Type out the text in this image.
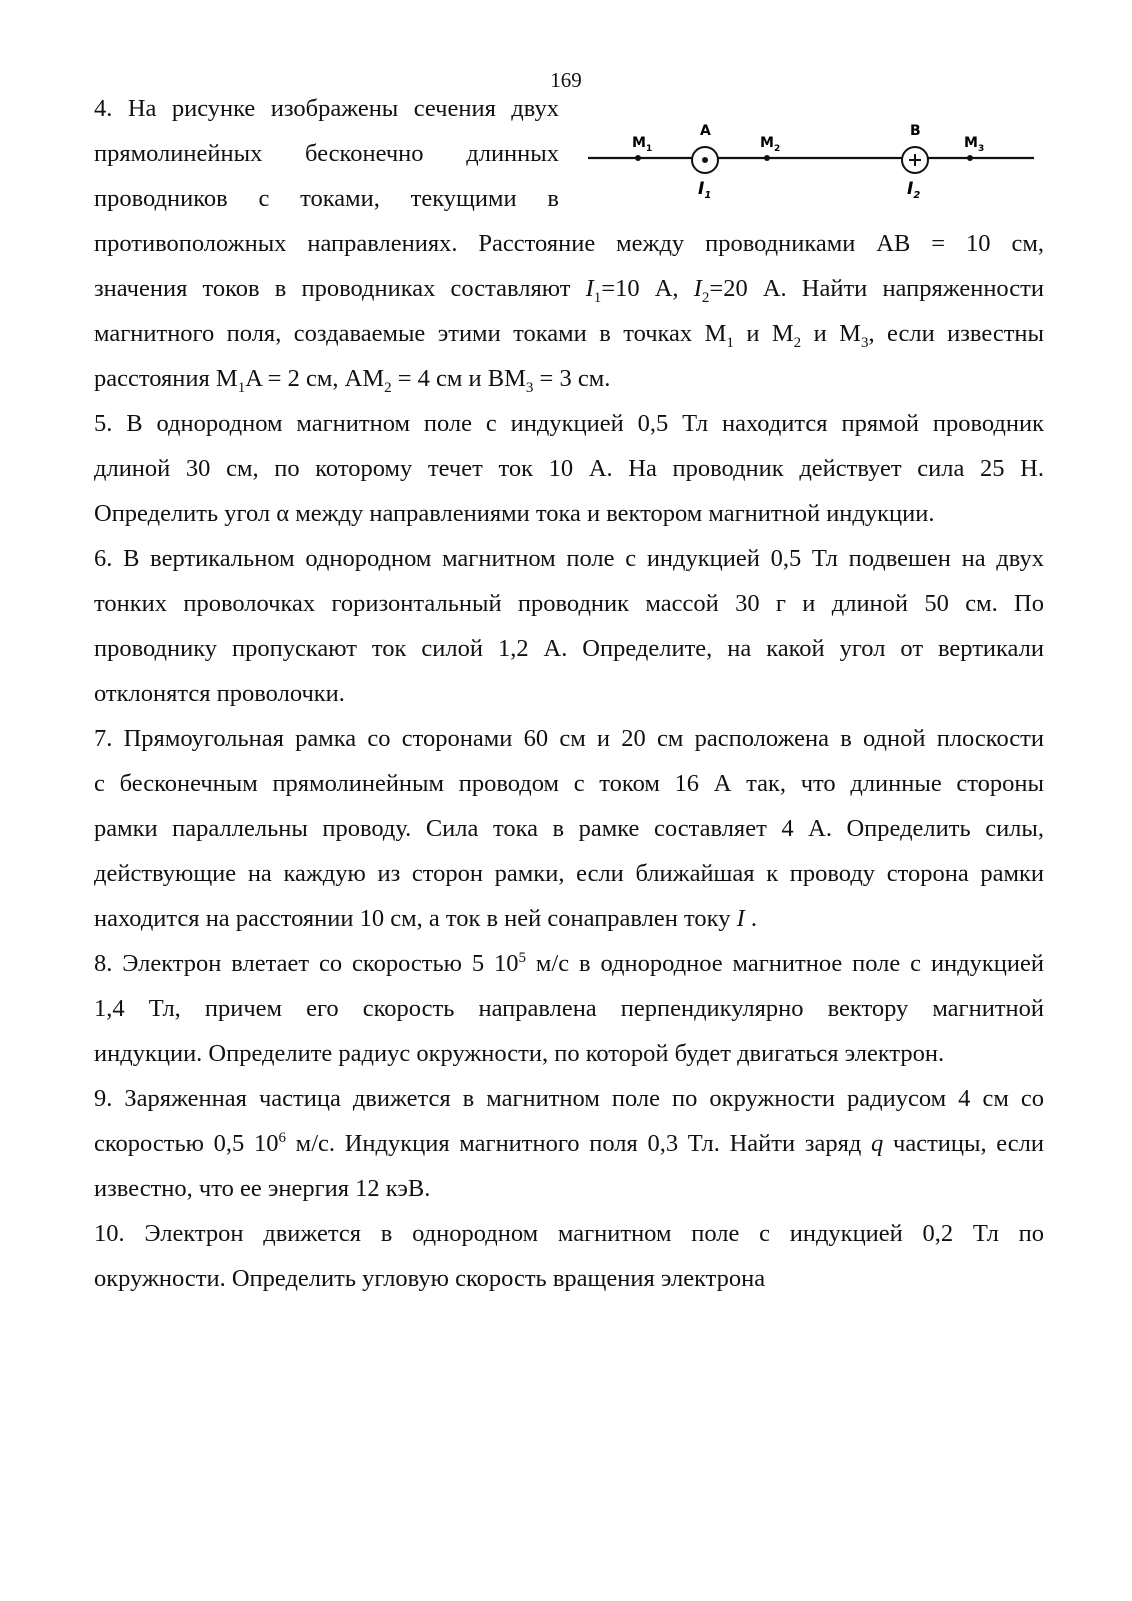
169
$M_1$
A
$I_1$
$M_2$
B
$I_2$
$M_3$
4. На рисунке изображены сечения двух
прямолинейных бесконечно длинных
проводников с токами, текущими в
противоположных направлениях. Расстояние между проводниками AB = 10 см,
значения токов в проводниках составляют $I_1=10$ А, $I_2=20$ А. Найти напряженности
магнитного поля, создаваемые этими токами в точках $M_1$ и $M_2$ и $M_3$, если известны
расстояния $M_1A = 2$ см, $AM_2 = 4$ см и $BM_3 = 3$ см.
5. В однородном магнитном поле с индукцией 0,5 Тл находится прямой проводник
длиной 30 см, по которому течет ток 10 А. На проводник действует сила 25 Н.
Определить угол α между направлениями тока и вектором магнитной индукции.
6. В вертикальном однородном магнитном поле с индукцией 0,5 Тл подвешен на двух
тонких проволочках горизонтальный проводник массой 30 г и длиной 50 см. По
проводнику пропускают ток силой 1,2 А. Определите, на какой угол от вертикали
отклонятся проволочки.
7. Прямоугольная рамка со сторонами 60 см и 20 см расположена в одной плоскости
с бесконечным прямолинейным проводом с током 16 А так, что длинные стороны
рамки параллельны проводу. Сила тока в рамке составляет 4 А. Определить силы,
действующие на каждую из сторон рамки, если ближайшая к проводу сторона рамки
находится на расстоянии 10 см, а ток в ней сонаправлен току I .
8. Электрон влетает со скоростью 5 $10^5$ м/с в однородное магнитное поле с индукцией
1,4 Тл, причем его скорость направлена перпендикулярно вектору магнитной
индукции. Определите радиус окружности, по которой будет двигаться электрон.
9. Заряженная частица движется в магнитном поле по окружности радиусом 4 см со
скоростью 0,5 $10^6$ м/с. Индукция магнитного поля 0,3 Тл. Найти заряд q частицы, если
известно, что ее энергия 12 кэВ.
10. Электрон движется в однородном магнитном поле с индукцией 0,2 Тл по
окружности. Определить угловую скорость вращения электрона
